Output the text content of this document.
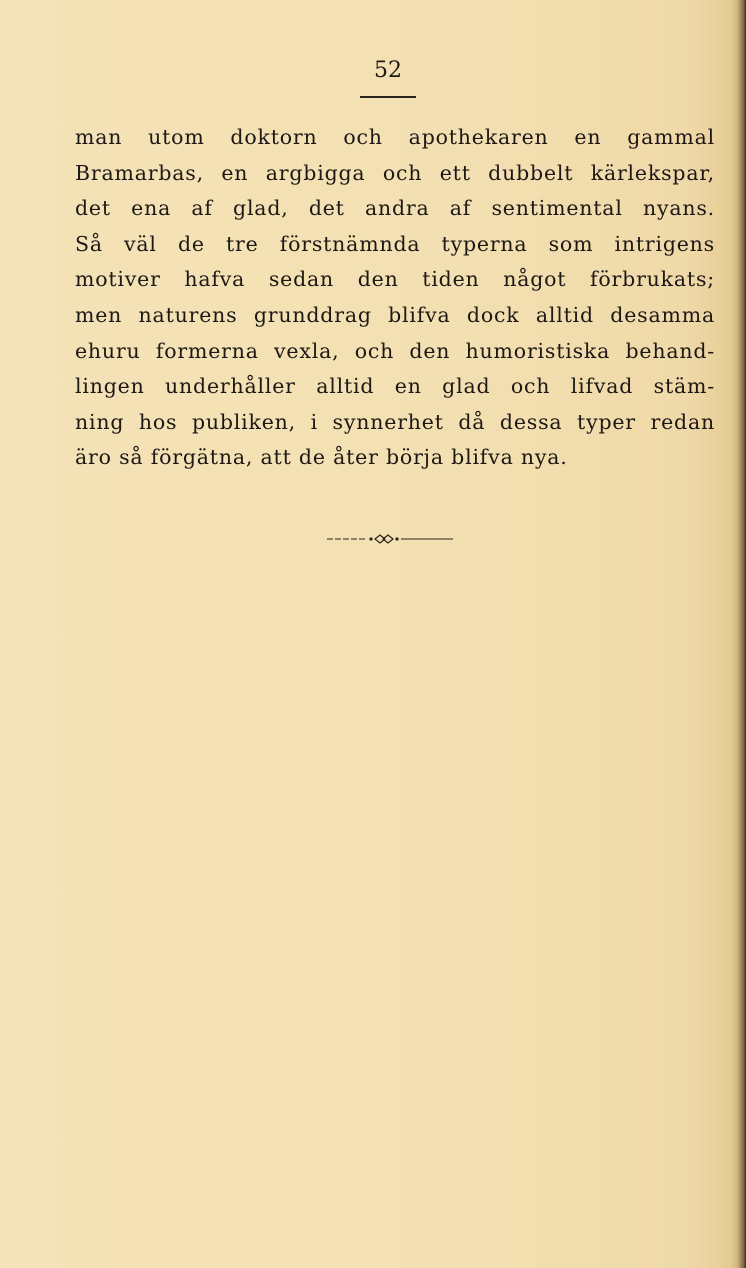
52
man utom doktorn och apothekaren en gammal
Bramarbas, en argbigga och ett dubbelt kärlekspar,
det ena af glad, det andra af sentimental nyans.
Så väl de tre förstnämnda typerna som intrigens
motiver hafva sedan den tiden något förbrukats;
men naturens grunddrag blifva dock alltid desamma
ehuru formerna vexla, och den humoristiska behand-
lingen underhåller alltid en glad och lifvad stäm-
ning hos publiken, i synnerhet då dessa typer redan
äro så förgätna, att de åter börja blifva nya.
